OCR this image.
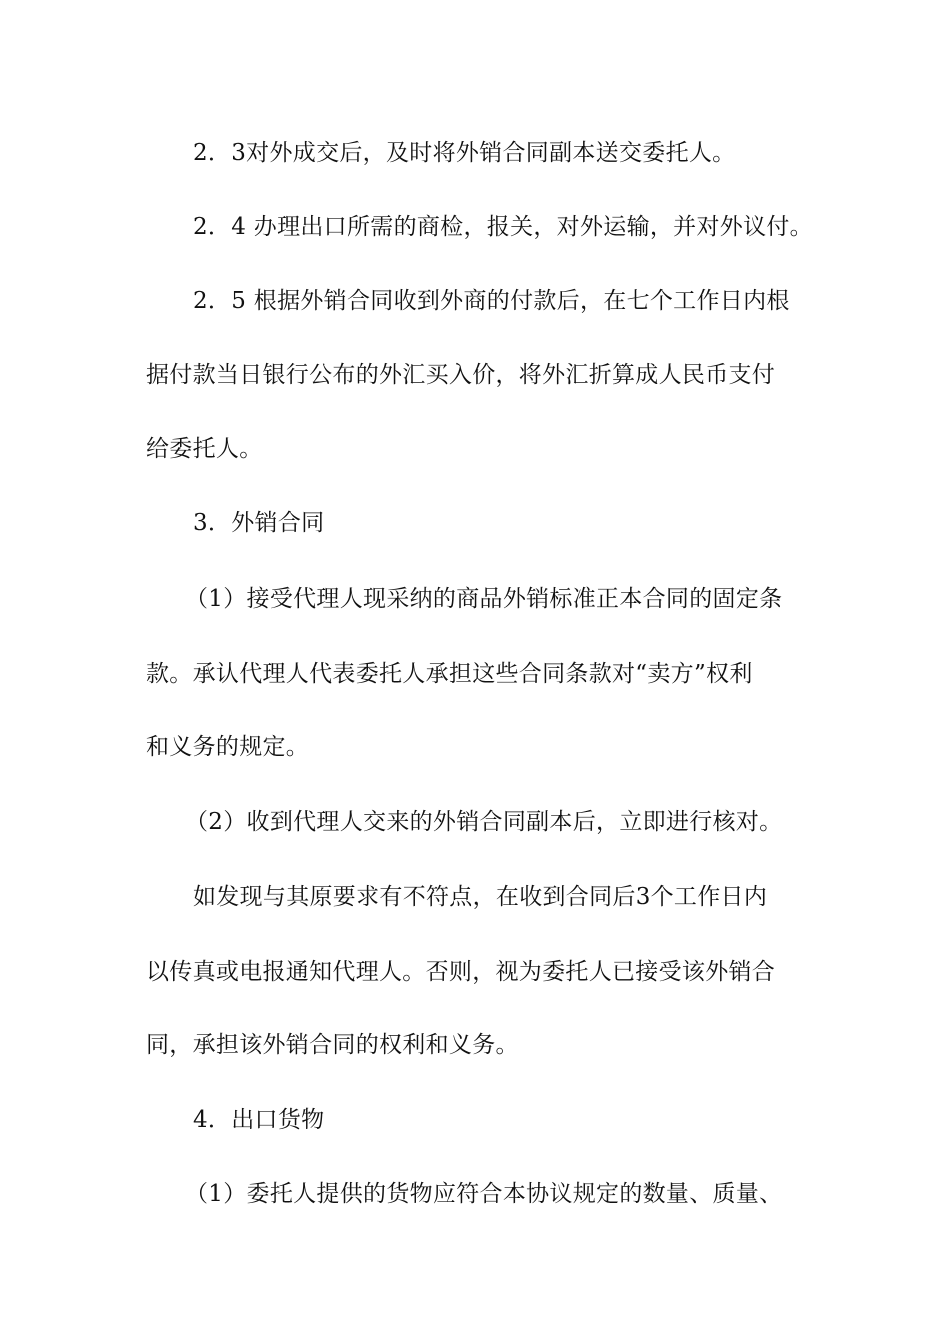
2．3对外成交后，及时将外销合同副本送交委托人。
2．4 办理出口所需的商检，报关，对外运输，并对外议付。
2．5 根据外销合同收到外商的付款后，在七个工作日内根
据付款当日银行公布的外汇买入价，将外汇折算成人民币支付
给委托人。
3．外销合同
（1）接受代理人现采纳的商品外销标准正本合同的固定条
款。承认代理人代表委托人承担这些合同条款对“卖方”权利
和义务的规定。
（2）收到代理人交来的外销合同副本后，立即进行核对。
如发现与其原要求有不符点，在收到合同后3个工作日内
以传真或电报通知代理人。否则，视为委托人已接受该外销合
同，承担该外销合同的权利和义务。
4．出口货物
（1）委托人提供的货物应符合本协议规定的数量、质量、
